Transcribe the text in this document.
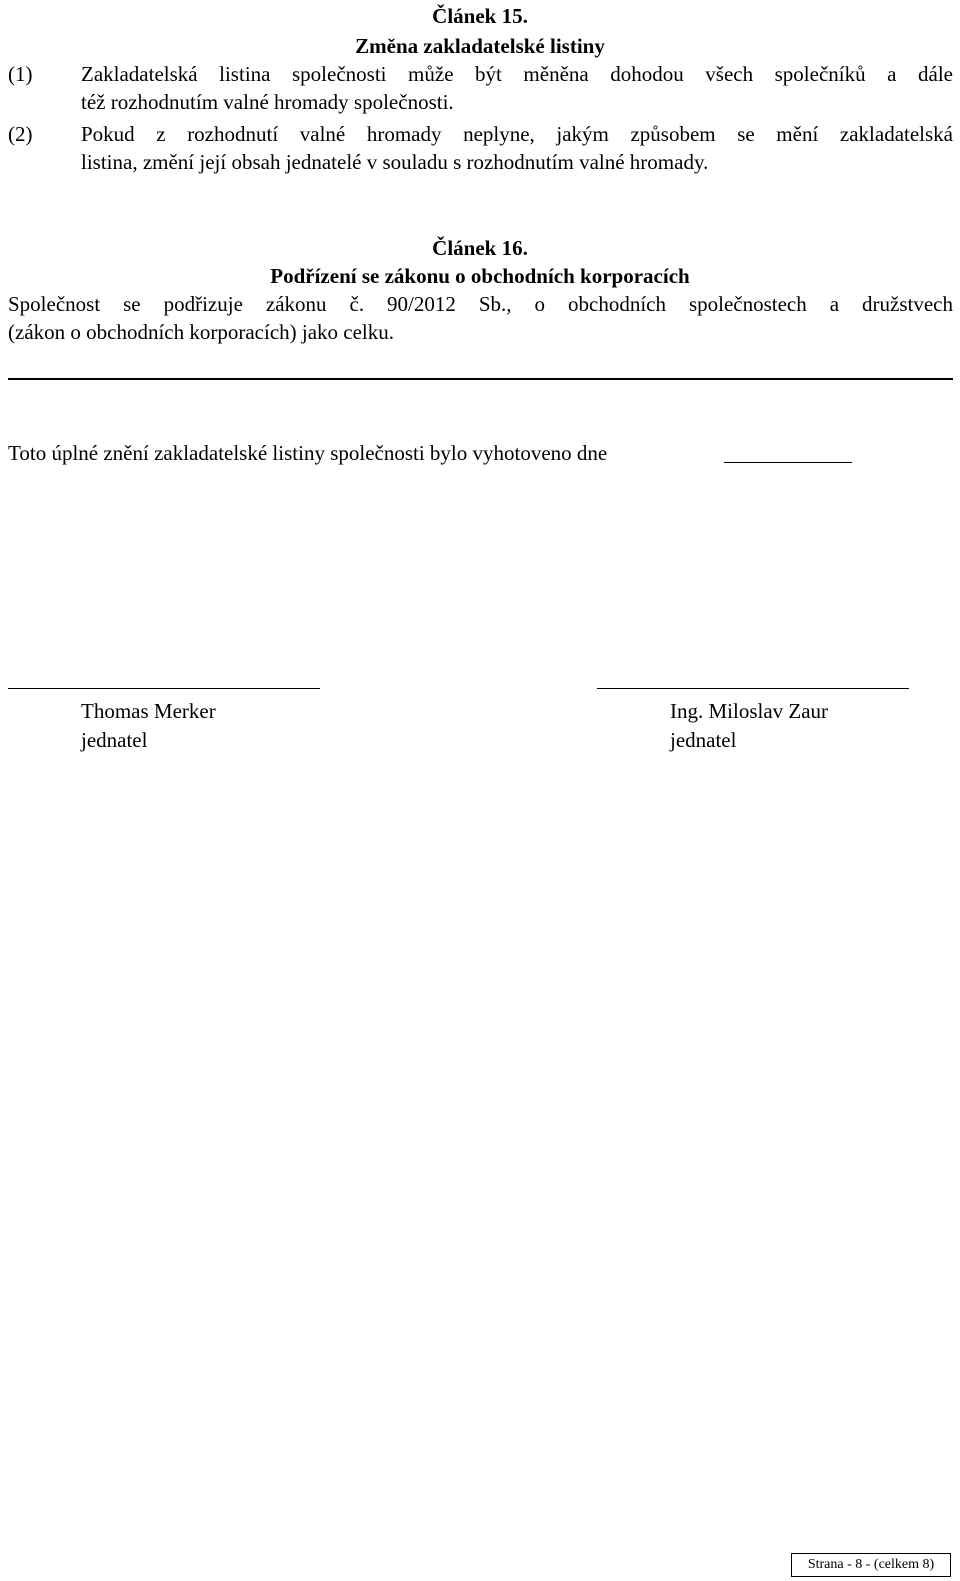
Článek 15.
Změna zakladatelské listiny
(1) Zakladatelská listina společnosti může být měněna dohodou všech společníků a dále
též rozhodnutím valné hromady společnosti.
(2) Pokud z rozhodnutí valné hromady neplyne, jakým způsobem se mění zakladatelská
listina, změní její obsah jednatelé v souladu s rozhodnutím valné hromady.
Článek 16.
Podřízení se zákonu o obchodních korporacích
Společnost se podřizuje zákonu č. 90/2012 Sb., o obchodních společnostech a družstvech
(zákon o obchodních korporacích) jako celku.
Toto úplné znění zakladatelské listiny společnosti bylo vyhotoveno dne
Thomas Merker
jednatel
Ing. Miloslav Zaur
jednatel
Strana - 8 - (celkem 8)
